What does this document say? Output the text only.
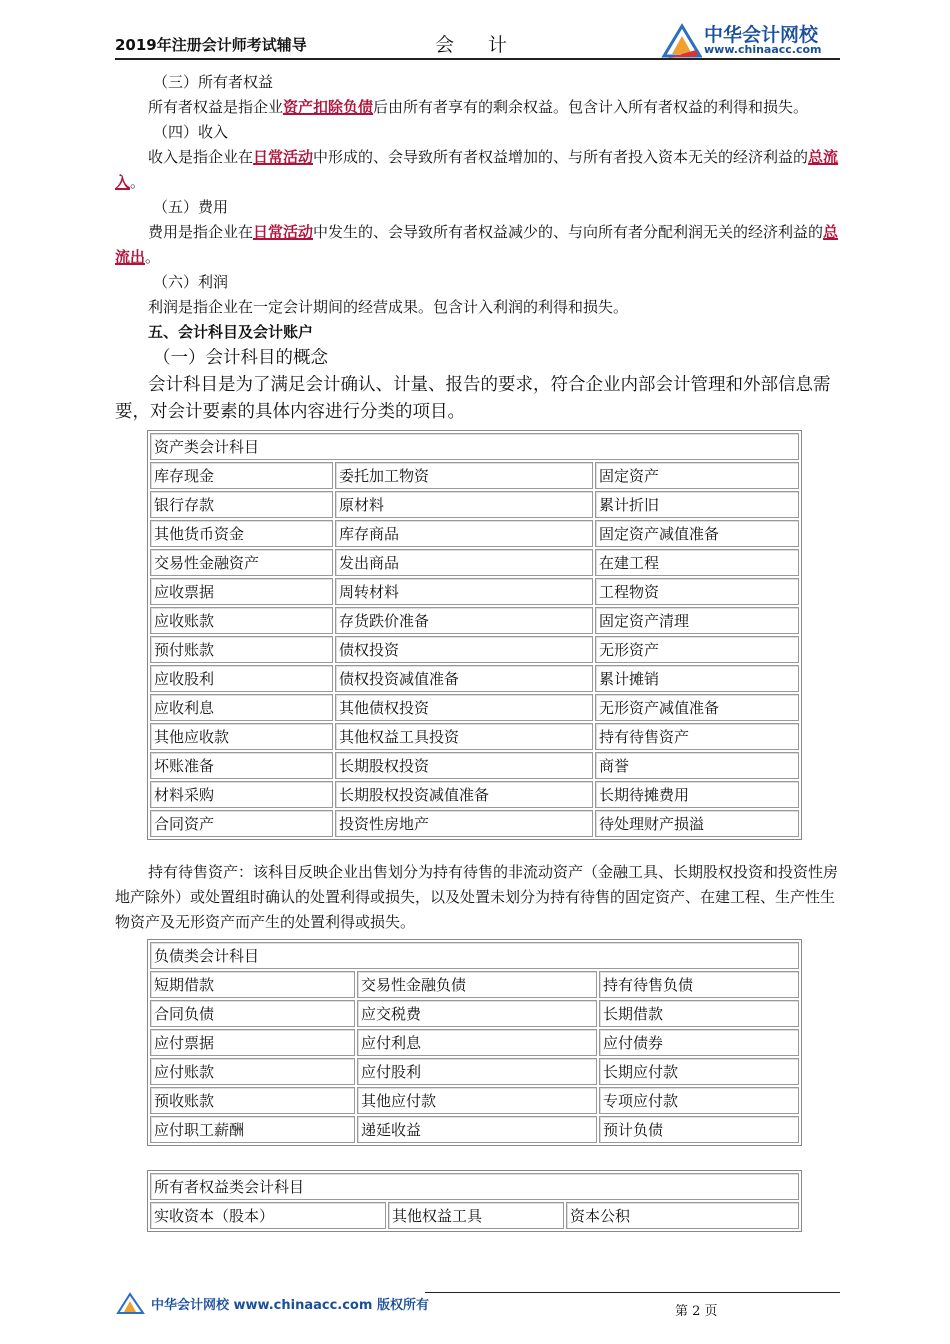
2019年注册会计师考试辅导	会 计	中华会计网校
www.chinaacc.com

（三）所有者权益

所有者权益是指企业资产扣除负债后由所有者享有的剩余权益。包含计入所有者权益的利得和损失。

（四）收入

收入是指企业在日常活动中形成的、会导致所有者权益增加的、与所有者投入资本无关的经济利益的总流入。

（五）费用

费用是指企业在日常活动中发生的、会导致所有者权益减少的、与向所有者分配利润无关的经济利益的总流出。

（六）利润

利润是指企业在一定会计期间的经营成果。包含计入利润的利得和损失。

五、会计科目及会计账户

（一）会计科目的概念

会计科目是为了满足会计确认、计量、报告的要求，符合企业内部会计管理和外部信息需要，对会计要素的具体内容进行分类的项目。

资产类会计科目		
库存现金	委托加工物资	固定资产
银行存款	原材料	累计折旧
其他货币资金	库存商品	固定资产减值准备
交易性金融资产	发出商品	在建工程
应收票据	周转材料	工程物资
应收账款	存货跌价准备	固定资产清理
预付账款	债权投资	无形资产
应收股利	债权投资减值准备	累计摊销
应收利息	其他债权投资	无形资产减值准备
其他应收款	其他权益工具投资	持有待售资产
坏账准备	长期股权投资	商誉
材料采购	长期股权投资减值准备	长期待摊费用
合同资产	投资性房地产	待处理财产损溢

持有待售资产：该科目反映企业出售划分为持有待售的非流动资产（金融工具、长期股权投资和投资性房地产除外）或处置组时确认的处置利得或损失，以及处置未划分为持有待售的固定资产、在建工程、生产性生物资产及无形资产而产生的处置利得或损失。

负债类会计科目		
短期借款	交易性金融负债	持有待售负债
合同负债	应交税费	长期借款
应付票据	应付利息	应付债券
应付账款	应付股利	长期应付款
预收账款	其他应付款	专项应付款
应付职工薪酬	递延收益	预计负债
所有者权益类会计科目
实收资本（股本）	其他权益工具	资本公积
中华会计网校 www.chinaacc.com 版权所有	第 2 页
